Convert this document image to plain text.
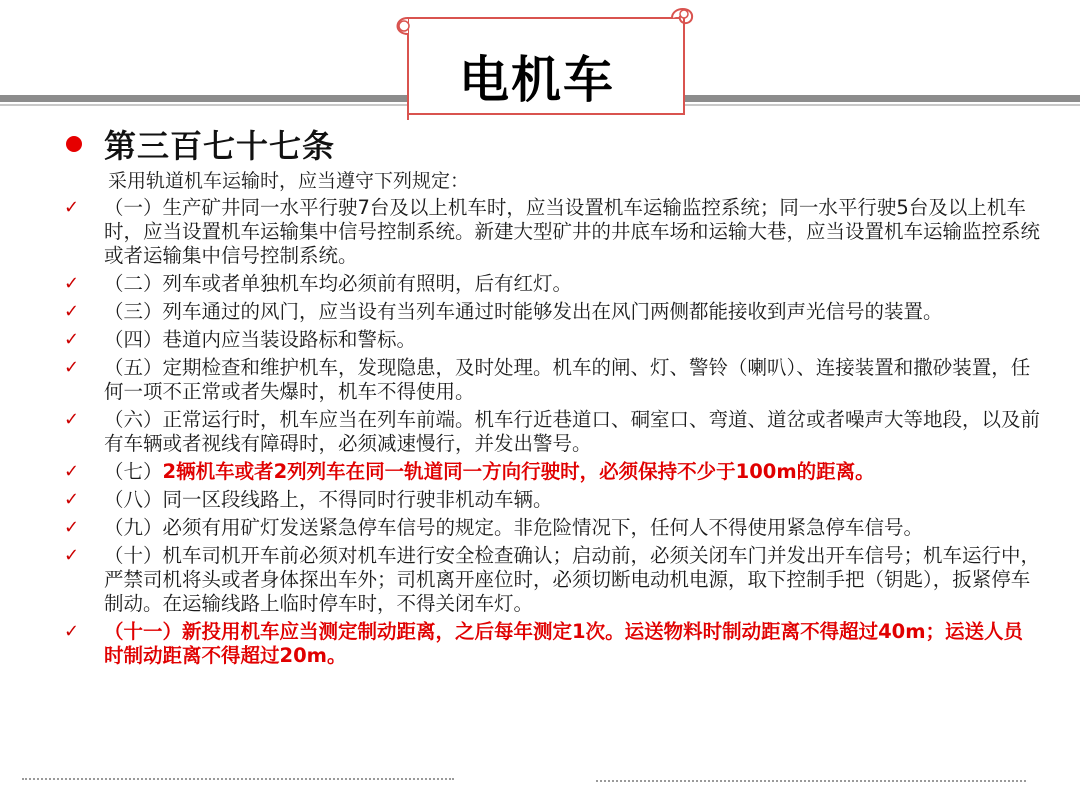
电机车
第三百七十七条
采用轨道机车运输时，应当遵守下列规定：
✓ （一）生产矿井同一水平行驶7台及以上机车时，应当设置机车运输监控系统；同一水平行驶5台及以上机车时，应当设置机车运输集中信号控制系统。新建大型矿井的井底车场和运输大巷，应当设置机车运输监控系统或者运输集中信号控制系统。
✓ （二）列车或者单独机车均必须前有照明，后有红灯。
✓ （三）列车通过的风门，应当设有当列车通过时能够发出在风门两侧都能接收到声光信号的装置。
✓ （四）巷道内应当装设路标和警标。
✓ （五）定期检查和维护机车，发现隐患，及时处理。机车的闸、灯、警铃（喇叭）、连接装置和撒砂装置，任何一项不正常或者失爆时，机车不得使用。
✓ （六）正常运行时，机车应当在列车前端。机车行近巷道口、硐室口、弯道、道岔或者噪声大等地段，以及前有车辆或者视线有障碍时，必须减速慢行，并发出警号。
✓ （七）2辆机车或者2列列车在同一轨道同一方向行驶时，必须保持不少于100m的距离。
✓ （八）同一区段线路上，不得同时行驶非机动车辆。
✓ （九）必须有用矿灯发送紧急停车信号的规定。非危险情况下，任何人不得使用紧急停车信号。
✓ （十）机车司机开车前必须对机车进行安全检查确认；启动前，必须关闭车门并发出开车信号；机车运行中，严禁司机将头或者身体探出车外；司机离开座位时，必须切断电动机电源，取下控制手把（钥匙），扳紧停车制动。在运输线路上临时停车时，不得关闭车灯。
✓ （十一）新投用机车应当测定制动距离，之后每年测定1次。运送物料时制动距离不得超过40m；运送人员时制动距离不得超过20m。
